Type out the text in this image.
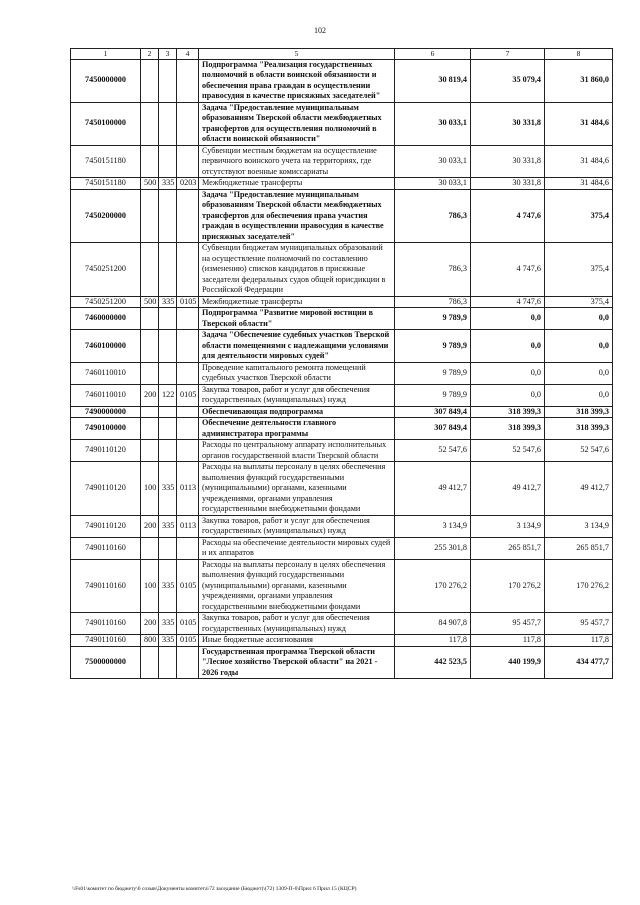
102
1	2	3	4	5	6	7	8
7450000000				Подпрограмма "Реализация государственных полномочий в области воинской обязанности и обеспечения права граждан в осуществлении правосудия в качестве присяжных заседателей"	30 819,4	35 079,4	31 860,0
7450100000				Задача "Предоставление муниципальным образованиям Тверской области межбюджетных трансфертов для осуществления полномочий в области воинской обязанности"	30 033,1	30 331,8	31 484,6
7450151180				Субвенции местным бюджетам на осуществление первичного воинского учета на территориях, где отсутствуют военные комиссариаты	30 033,1	30 331,8	31 484,6
7450151180	500	335	0203	Межбюджетные трансферты	30 033,1	30 331,8	31 484,6
7450200000				Задача "Предоставление муниципальным образованиям Тверской области межбюджетных трансфертов для обеспечения права участия граждан в осуществлении правосудия в качестве присяжных заседателей"	786,3	4 747,6	375,4
7450251200				Субвенции бюджетам муниципальных образований на осуществление полномочий по составлению (изменению) списков кандидатов в присяжные заседатели федеральных судов общей юрисдикции в Российской Федерации	786,3	4 747,6	375,4
7450251200	500	335	0105	Межбюджетные трансферты	786,3	4 747,6	375,4
7460000000				Подпрограмма "Развитие мировой юстиции в Тверской области"	9 789,9	0,0	0,0
7460100000				Задача "Обеспечение судебных участков Тверской области помещениями с надлежащими условиями для деятельности мировых судей"	9 789,9	0,0	0,0
7460110010				Проведение капитального ремонта помещений судебных участков Тверской области	9 789,9	0,0	0,0
7460110010	200	122	0105	Закупка товаров, работ и услуг для обеспечения государственных (муниципальных) нужд	9 789,9	0,0	0,0
7490000000				Обеспечивающая подпрограмма	307 849,4	318 399,3	318 399,3
7490100000				Обеспечение деятельности главного администратора программы	307 849,4	318 399,3	318 399,3
7490110120				Расходы по центральному аппарату исполнительных органов государственной власти Тверской области	52 547,6	52 547,6	52 547,6
7490110120	100	335	0113	Расходы на выплаты персоналу в целях обеспечения выполнения функций государственными (муниципальными) органами, казенными учреждениями, органами управления государственными внебюджетными фондами	49 412,7	49 412,7	49 412,7
7490110120	200	335	0113	Закупка товаров, работ и услуг для обеспечения государственных (муниципальных) нужд	3 134,9	3 134,9	3 134,9
7490110160				Расходы на обеспечение деятельности мировых судей и их аппаратов	255 301,8	265 851,7	265 851,7
7490110160	100	335	0105	Расходы на выплаты персоналу в целях обеспечения выполнения функций государственными (муниципальными) органами, казенными учреждениями, органами управления государственными внебюджетными фондами	170 276,2	170 276,2	170 276,2
7490110160	200	335	0105	Закупка товаров, работ и услуг для обеспечения государственных (муниципальных) нужд	84 907,8	95 457,7	95 457,7
7490110160	800	335	0105	Иные бюджетные ассигнования	117,8	117,8	117,8
7500000000				Государственная программа Тверской области "Лесное хозяйство Тверской области" на 2021 - 2026 годы	442 523,5	440 199,9	434 477,7
\\Fs01\комитет по бюджету\6 созыв\Документы комитета\72 заседание (Бюджет)\(72) 1309-П-6\Прил 6 Прил 15 (КЦСР)
